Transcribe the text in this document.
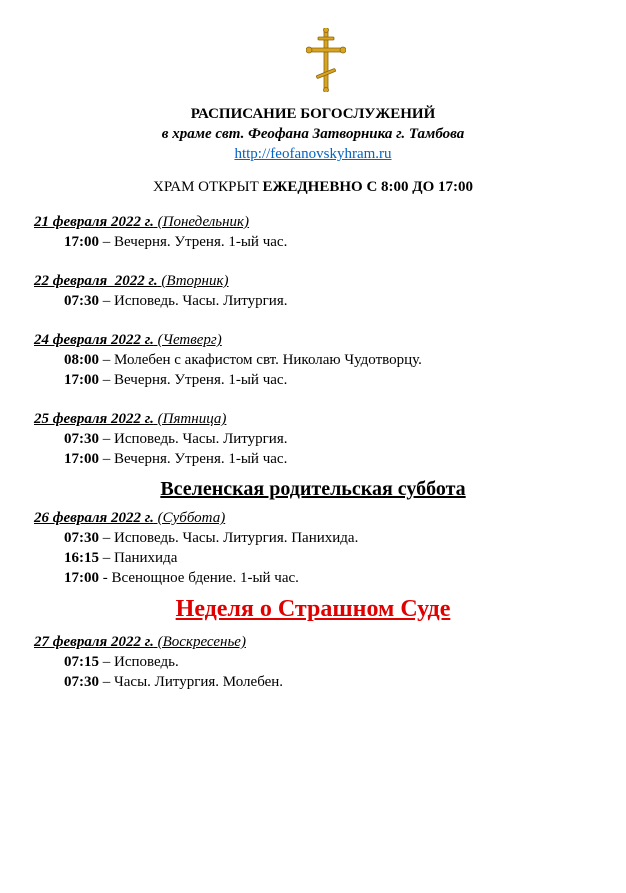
РАСПИСАНИЕ БОГОСЛУЖЕНИЙ
в храме свт. Феофана Затворника г. Тамбова
http://feofanovskyhram.ru
ХРАМ ОТКРЫТ ЕЖЕДНЕВНО С 8:00 ДО 17:00
21 февраля 2022 г. (Понедельник)
17:00 – Вечерня. Утреня. 1-ый час.
22 февраля  2022 г. (Вторник)
07:30 – Исповедь. Часы. Литургия.
24 февраля 2022 г. (Четверг)
08:00 – Молебен с акафистом свт. Николаю Чудотворцу.
17:00 – Вечерня. Утреня. 1-ый час.
25 февраля 2022 г. (Пятница)
07:30 – Исповедь. Часы. Литургия.
17:00 – Вечерня. Утреня. 1-ый час.
Вселенская родительская суббота
26 февраля 2022 г. (Суббота)
07:30 – Исповедь. Часы. Литургия. Панихида.
16:15 – Панихида
17:00 - Всенощное бдение. 1-ый час.
Неделя о Страшном Суде
27 февраля 2022 г. (Воскресенье)
07:15 – Исповедь.
07:30 – Часы. Литургия. Молебен.
